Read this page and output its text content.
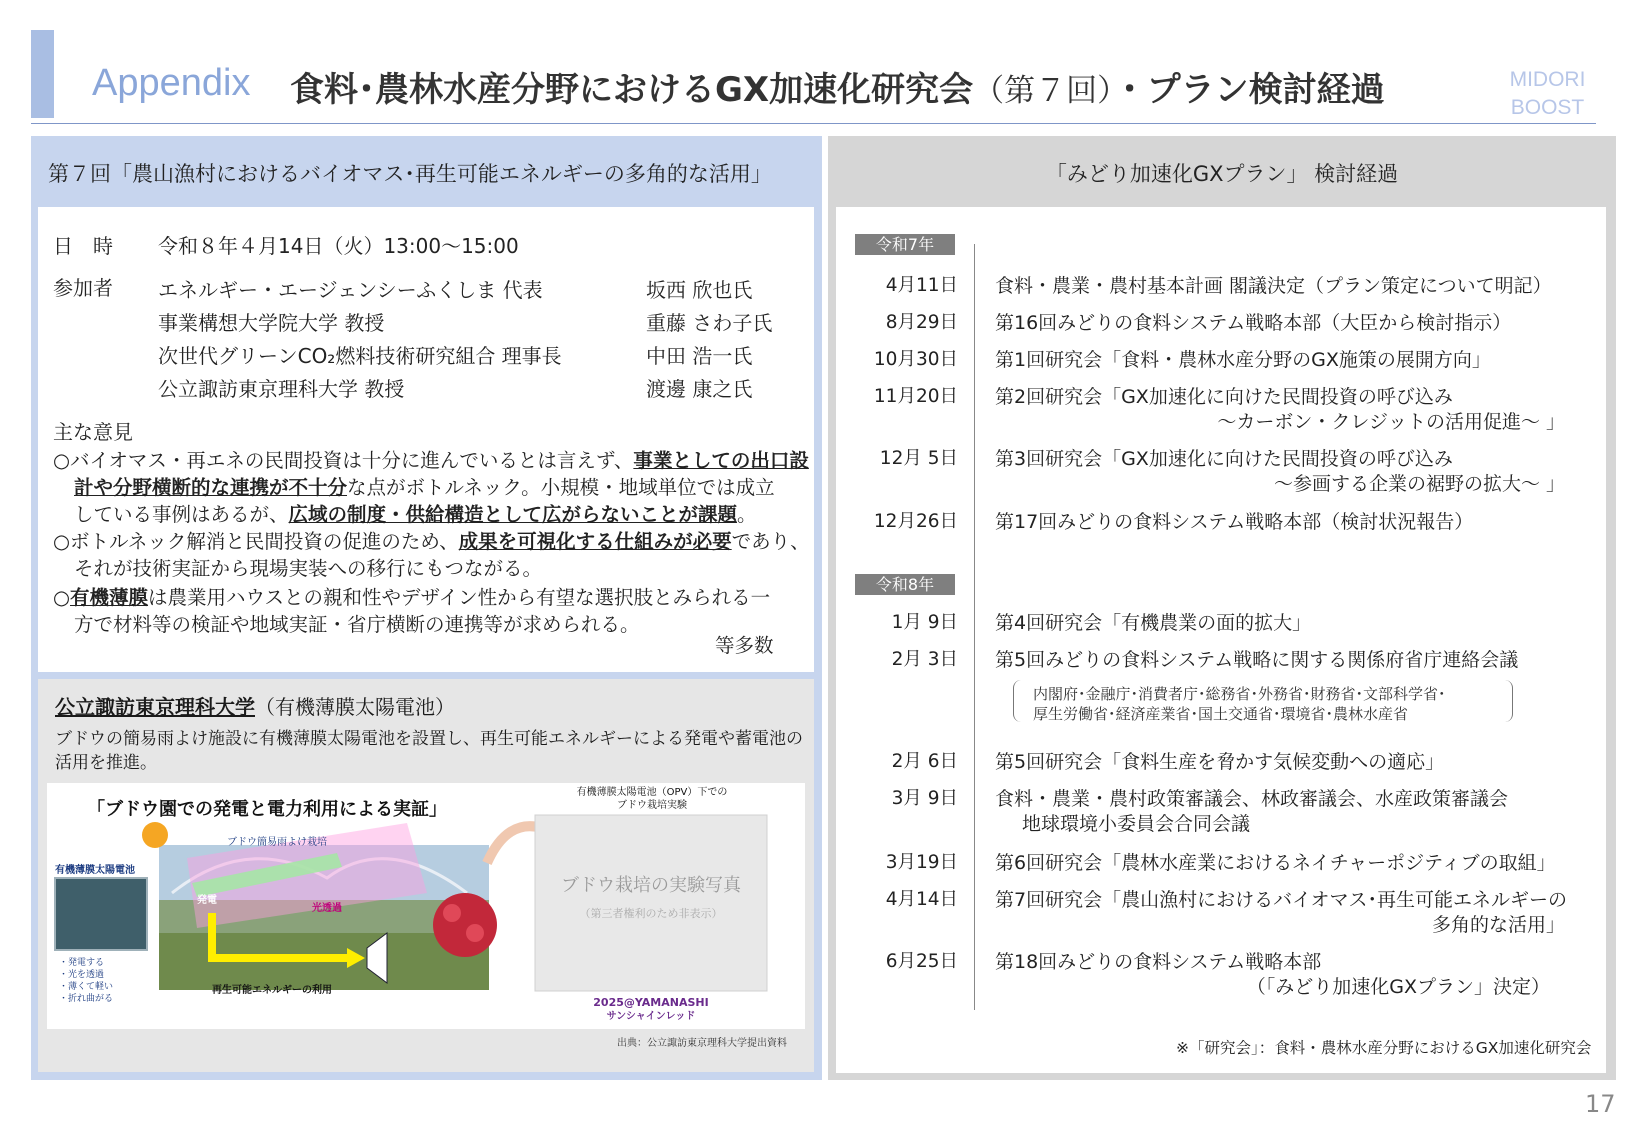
Appendix 食料･農林水産分野におけるGX加速化研究会（第７回）・プラン検討経過	MIDORI
BOOST
第７回「農山漁村におけるバイオマス･再生可能エネルギーの多角的な活用」
日　時 令和８年４月14日（火）13:00～15:00
参加者 エネルギー・エージェンシーふくしま 代表	坂西 欣也氏
事業構想大学院大学 教授	重藤 さわ子氏
次世代グリーンCO₂燃料技術研究組合 理事長	中田 浩一氏
公立諏訪東京理科大学 教授	渡邊 康之氏
主な意見
○バイオマス・再エネの民間投資は十分に進んでいるとは言えず、事業としての出口設
計や分野横断的な連携が不十分な点がボトルネック。小規模・地域単位では成立
している事例はあるが、広域の制度・供給構造として広がらないことが課題。
○ボトルネック解消と民間投資の促進のため、成果を可視化する仕組みが必要であり、
それが技術実証から現場実装への移行にもつながる。
○有機薄膜は農業用ハウスとの親和性やデザイン性から有望な選択肢とみられる一
方で材料等の検証や地域実証・省庁横断の連携等が求められる。
等多数
公立諏訪東京理科大学（有機薄膜太陽電池）
ブドウの簡易雨よけ施設に有機薄膜太陽電池を設置し、再生可能エネルギーによる発電や蓄電池の活用を推進。
有機薄膜太陽電池
・発電する
・光を透過
・薄くて軽い
・折れ曲がる
発電
光透過
ブドウ簡易雨よけ栽培
再生可能エネルギーの利用
「ブドウ園での発電と電力利用による実証」
有機薄膜太陽電池（OPV）下での
ブドウ栽培実験
ブドウ栽培の実験写真
（第三者権利のため非表示）
2025@YAMANASHI
サンシャインレッド
出典：公立諏訪東京理科大学提出資料
「みどり加速化GXプラン」 検討経過
令和7年
令和8年
4月11日 食料・農業・農村基本計画 閣議決定（プラン策定について明記）
8月29日 第16回みどりの食料システム戦略本部（大臣から検討指示）
10月30日 第1回研究会「食料・農林水産分野のGX施策の展開方向」
11月20日 第2回研究会「GX加速化に向けた民間投資の呼び込み
～カーボン・クレジットの活用促進～ 」
12月 5日 第3回研究会「GX加速化に向けた民間投資の呼び込み
～参画する企業の裾野の拡大～ 」
12月26日 第17回みどりの食料システム戦略本部（検討状況報告）
1月 9日 第4回研究会「有機農業の面的拡大」
2月 3日 第5回みどりの食料システム戦略に関する関係府省庁連絡会議
内閣府･金融庁･消費者庁･総務省･外務省･財務省･文部科学省･
厚生労働省･経済産業省･国土交通省･環境省･農林水産省
2月 6日 第5回研究会「食料生産を脅かす気候変動への適応」
3月 9日 食料・農業・農村政策審議会、林政審議会、水産政策審議会
地球環境小委員会合同会議
3月19日 第6回研究会「農林水産業におけるネイチャーポジティブの取組」
4月14日 第7回研究会「農山漁村におけるバイオマス･再生可能エネルギーの
多角的な活用」
6月25日 第18回みどりの食料システム戦略本部
（「みどり加速化GXプラン」決定）
※「研究会」：食料・農林水産分野におけるGX加速化研究会
17
